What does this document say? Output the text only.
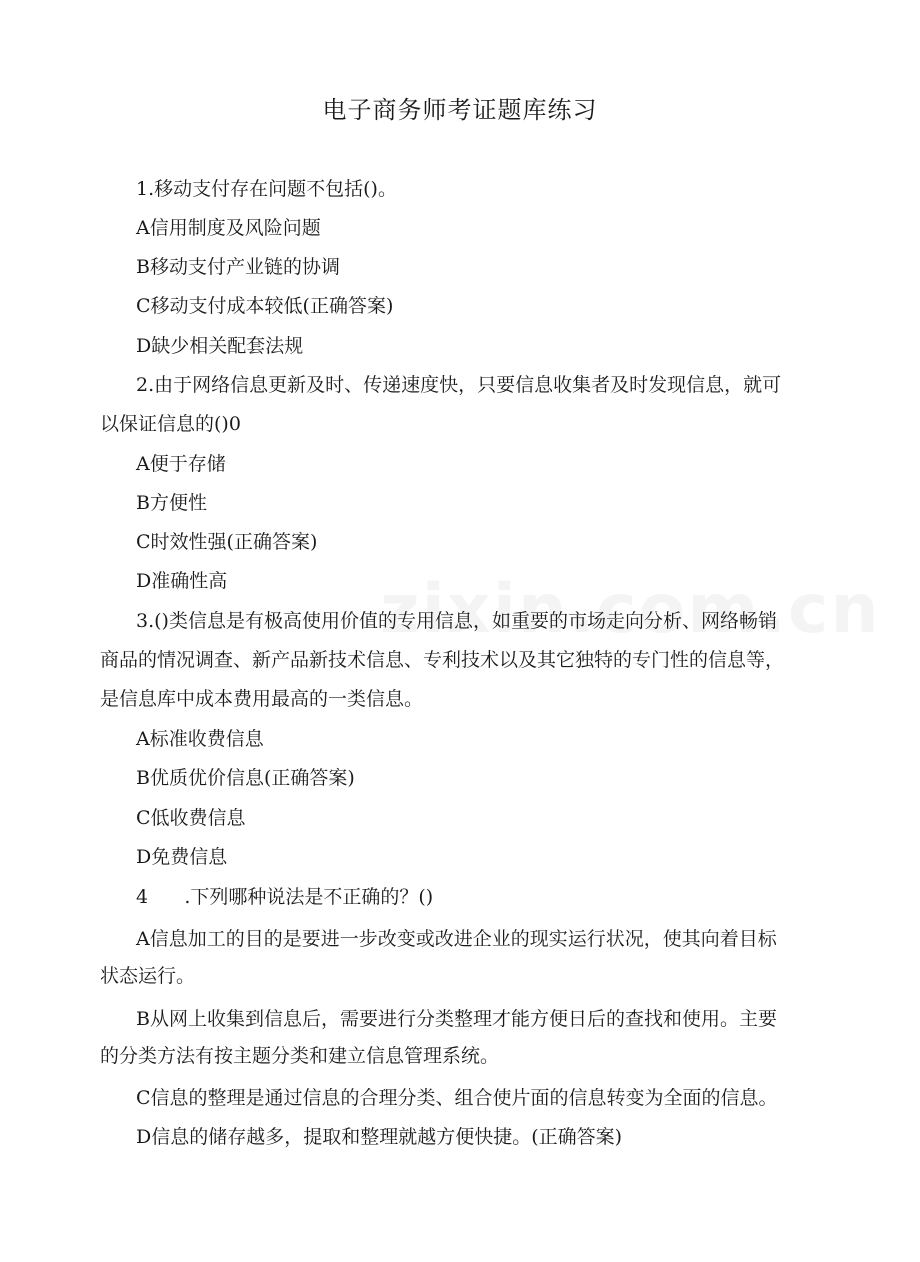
电子商务师考证题库练习
1.移动支付存在问题不包括()。
A信用制度及风险问题
B移动支付产业链的协调
C移动支付成本较低(正确答案)
D缺少相关配套法规
2.由于网络信息更新及时、传递速度快，只要信息收集者及时发现信息，就可
以保证信息的()0
A便于存储
B方便性
C时效性强(正确答案)
D准确性高
3.()类信息是有极高使用价值的专用信息，如重要的市场走向分析、网络畅销
商品的情况调查、新产品新技术信息、专利技术以及其它独特的专门性的信息等，
是信息库中成本费用最高的一类信息。
A标准收费信息
B优质优价信息(正确答案)
C低收费信息
D免费信息
4      .下列哪种说法是不正确的？()
A信息加工的目的是要进一步改变或改进企业的现实运行状况，使其向着目标
状态运行。
B从网上收集到信息后，需要进行分类整理才能方便日后的查找和使用。主要
的分类方法有按主题分类和建立信息管理系统。
C信息的整理是通过信息的合理分类、组合使片面的信息转变为全面的信息。
D信息的储存越多，提取和整理就越方便快捷。(正确答案)
